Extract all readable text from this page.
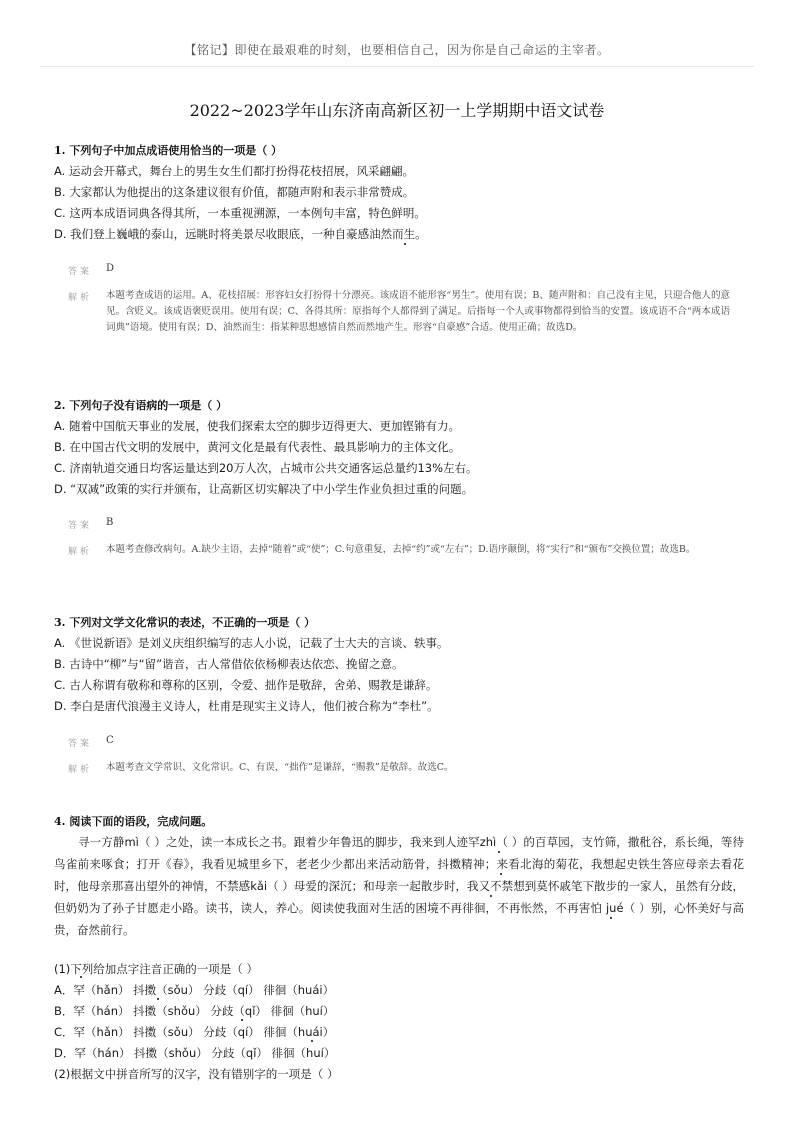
【铭记】即使在最艰难的时刻，也要相信自己，因为你是自己命运的主宰者。
2022~2023学年山东济南高新区初一上学期期中语文试卷
1. 下列句子中加点成语使用恰当的一项是（ ）
A. 运动会开幕式，舞台上的男生女生们都打扮得花枝招展，风采翩翩。
B. 大家都认为他提出的这条建议很有价值，都随声附和表示非常赞成。
C. 这两本成语词典各得其所，一本重视溯源，一本例句丰富，特色鲜明。
D. 我们登上巍峨的泰山，远眺时将美景尽收眼底，一种自豪感油然而生。
答案 D
解析 本题考查成语的运用。A、花枝招展：形容妇女打扮得十分漂亮。该成语不能形容“男生”。使用有误；B、随声附和：自己没有主见，只迎合他人的意见。含贬义。该成语褒贬误用。使用有误；C、各得其所：原指每个人都得到了满足。后指每一个人或事物都得到恰当的安置。该成语不合“两本成语词典”语境。使用有误；D、油然而生：指某种思想感情自然而然地产生。形容“自豪感”合适。使用正确；故选D。
2. 下列句子没有语病的一项是（ ）
A. 随着中国航天事业的发展，使我们探索太空的脚步迈得更大、更加铿锵有力。
B. 在中国古代文明的发展中，黄河文化是最有代表性、最具影响力的主体文化。
C. 济南轨道交通日均客运量达到20万人次，占城市公共交通客运总量约13%左右。
D. “双减”政策的实行并颁布，让高新区切实解决了中小学生作业负担过重的问题。
答案 B
解析 本题考查修改病句。A.缺少主语，去掉“随着”或“使”；C.句意重复，去掉“约”或“左右”；D.语序颠倒，将“实行”和“颁布”交换位置；故选B。
3. 下列对文学文化常识的表述，不正确的一项是（ ）
A. 《世说新语》是刘义庆组织编写的志人小说，记载了士大夫的言谈、轶事。
B. 古诗中“柳”与“留”谐音，古人常借依依杨柳表达依恋、挽留之意。
C. 古人称谓有敬称和尊称的区别，令爱、拙作是敬辞，舍弟、赐教是谦辞。
D. 李白是唐代浪漫主义诗人，杜甫是现实主义诗人，他们被合称为“李杜”。
答案 C
解析 本题考查文学常识、文化常识。C、有误，“拙作”是谦辞，“赐教”是敬辞。故选C。
4. 阅读下面的语段，完成问题。
寻一方静mì（ ）之处，读一本成长之书。跟着少年鲁迅的脚步，我来到人迹罕zhì（ ）的百草园，支竹筛，撒秕谷，系长绳，等待鸟雀前来啄食；打开《春》，我看见城里乡下，老老少少都出来活动筋骨，抖擞精神；来看北海的菊花，我想起史铁生答应母亲去看花时，他母亲那喜出望外的神情，不禁感kǎi（ ）母爱的深沉；和母亲一起散步时，我又不禁想到莫怀戚笔下散步的一家人，虽然有分歧，但奶奶为了孙子甘愿走小路。读书，读人，养心。阅读使我面对生活的困境不再徘徊，不再怅然，不再害怕 jué（ ）别，心怀美好与高贵，奋然前行。
(1)下列给加点字注音正确的一项是（ ）
A．罕（hǎn） 抖擞（sǒu） 分歧（qí） 徘徊（huái）
B．罕（hán） 抖擞（shǒu） 分歧（qǐ） 徘徊（huí）
C．罕（hǎn） 抖擞（sǒu） 分歧（qí） 徘徊（huái）
D．罕（hán） 抖擞（shǒu） 分歧（qǐ） 徘徊（huí）
(2)根据文中拼音所写的汉字，没有错别字的一项是（ ）
